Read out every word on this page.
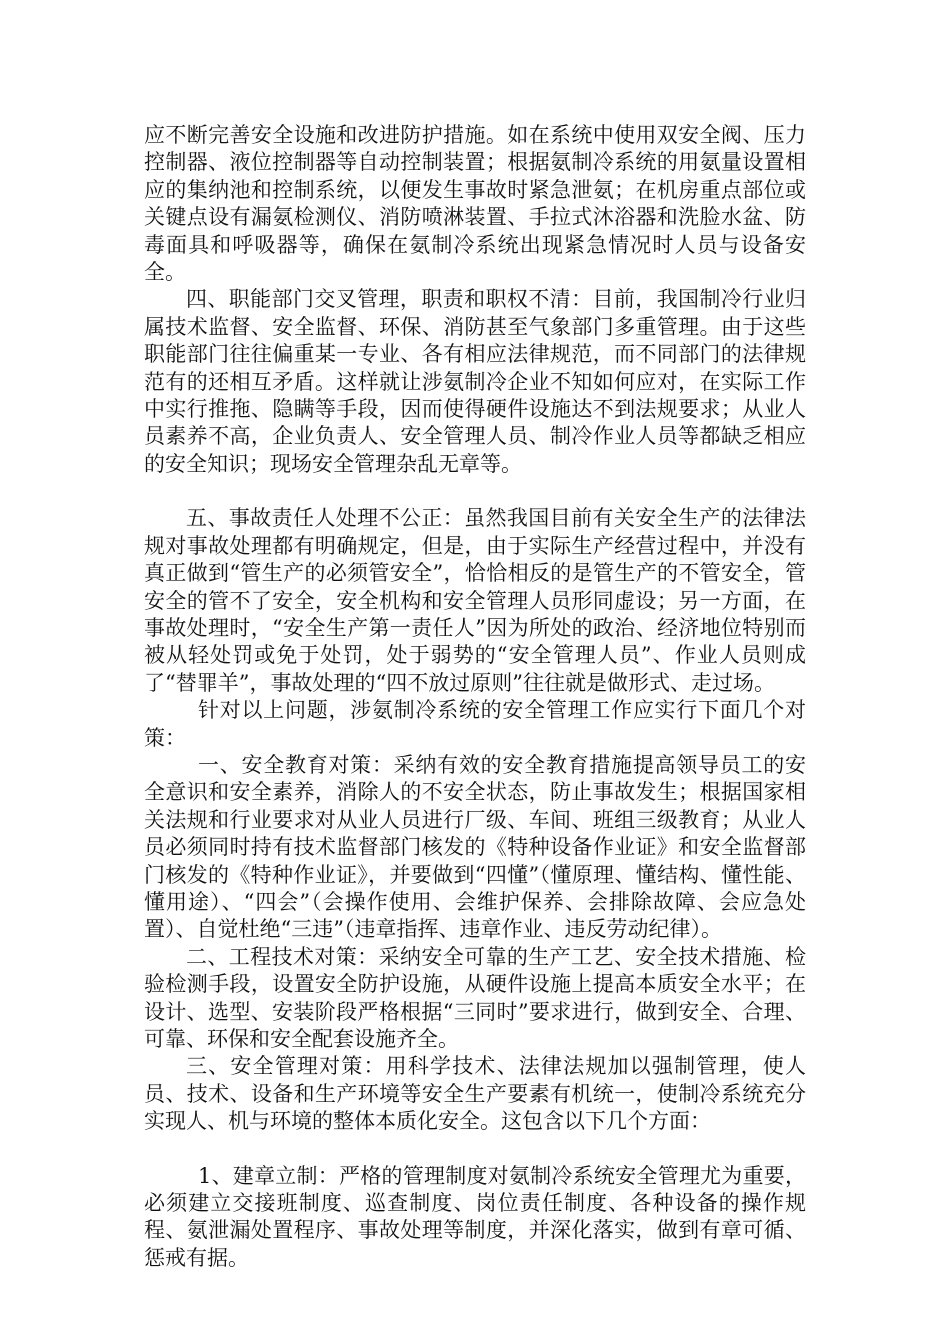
应不断完善安全设施和改进防护措施。如在系统中使用双安全阀、压力控制器、液位控制器等自动控制装置；根据氨制冷系统的用氨量设置相应的集纳池和控制系统，以便发生事故时紧急泄氨；在机房重点部位或关键点设有漏氨检测仪、消防喷淋装置、手拉式沐浴器和洗脸水盆、防毒面具和呼吸器等，确保在氨制冷系统出现紧急情况时人员与设备安全。

四、职能部门交叉管理，职责和职权不清：目前，我国制冷行业归属技术监督、安全监督、环保、消防甚至气象部门多重管理。由于这些职能部门往往偏重某一专业、各有相应法律规范，而不同部门的法律规范有的还相互矛盾。这样就让涉氨制冷企业不知如何应对，在实际工作中实行推拖、隐瞒等手段，因而使得硬件设施达不到法规要求；从业人员素养不高，企业负责人、安全管理人员、制冷作业人员等都缺乏相应的安全知识；现场安全管理杂乱无章等。

五、事故责任人处理不公正：虽然我国目前有关安全生产的法律法规对事故处理都有明确规定，但是，由于实际生产经营过程中，并没有真正做到“管生产的必须管安全”，恰恰相反的是管生产的不管安全，管安全的管不了安全，安全机构和安全管理人员形同虚设；另一方面，在事故处理时，“安全生产第一责任人”因为所处的政治、经济地位特别而被从轻处罚或免于处罚，处于弱势的“安全管理人员”、作业人员则成了“替罪羊”，事故处理的“四不放过原则”往往就是做形式、走过场。

针对以上问题，涉氨制冷系统的安全管理工作应实行下面几个对策：

一、安全教育对策：采纳有效的安全教育措施提高领导员工的安全意识和安全素养，消除人的不安全状态，防止事故发生；根据国家相关法规和行业要求对从业人员进行厂级、车间、班组三级教育；从业人员必须同时持有技术监督部门核发的《特种设备作业证》和安全监督部门核发的《特种作业证》，并要做到“四懂”（懂原理、懂结构、懂性能、懂用途）、“四会”（会操作使用、会维护保养、会排除故障、会应急处置）、自觉杜绝“三违”（违章指挥、违章作业、违反劳动纪律）。

二、工程技术对策：采纳安全可靠的生产工艺、安全技术措施、检验检测手段，设置安全防护设施，从硬件设施上提高本质安全水平；在设计、选型、安装阶段严格根据“三同时”要求进行，做到安全、合理、可靠、环保和安全配套设施齐全。

三、安全管理对策：用科学技术、法律法规加以强制管理，使人员、技术、设备和生产环境等安全生产要素有机统一，使制冷系统充分实现人、机与环境的整体本质化安全。这包含以下几个方面：

1、建章立制：严格的管理制度对氨制冷系统安全管理尤为重要，必须建立交接班制度、巡查制度、岗位责任制度、各种设备的操作规程、氨泄漏处置程序、事故处理等制度，并深化落实，做到有章可循、惩戒有据。
